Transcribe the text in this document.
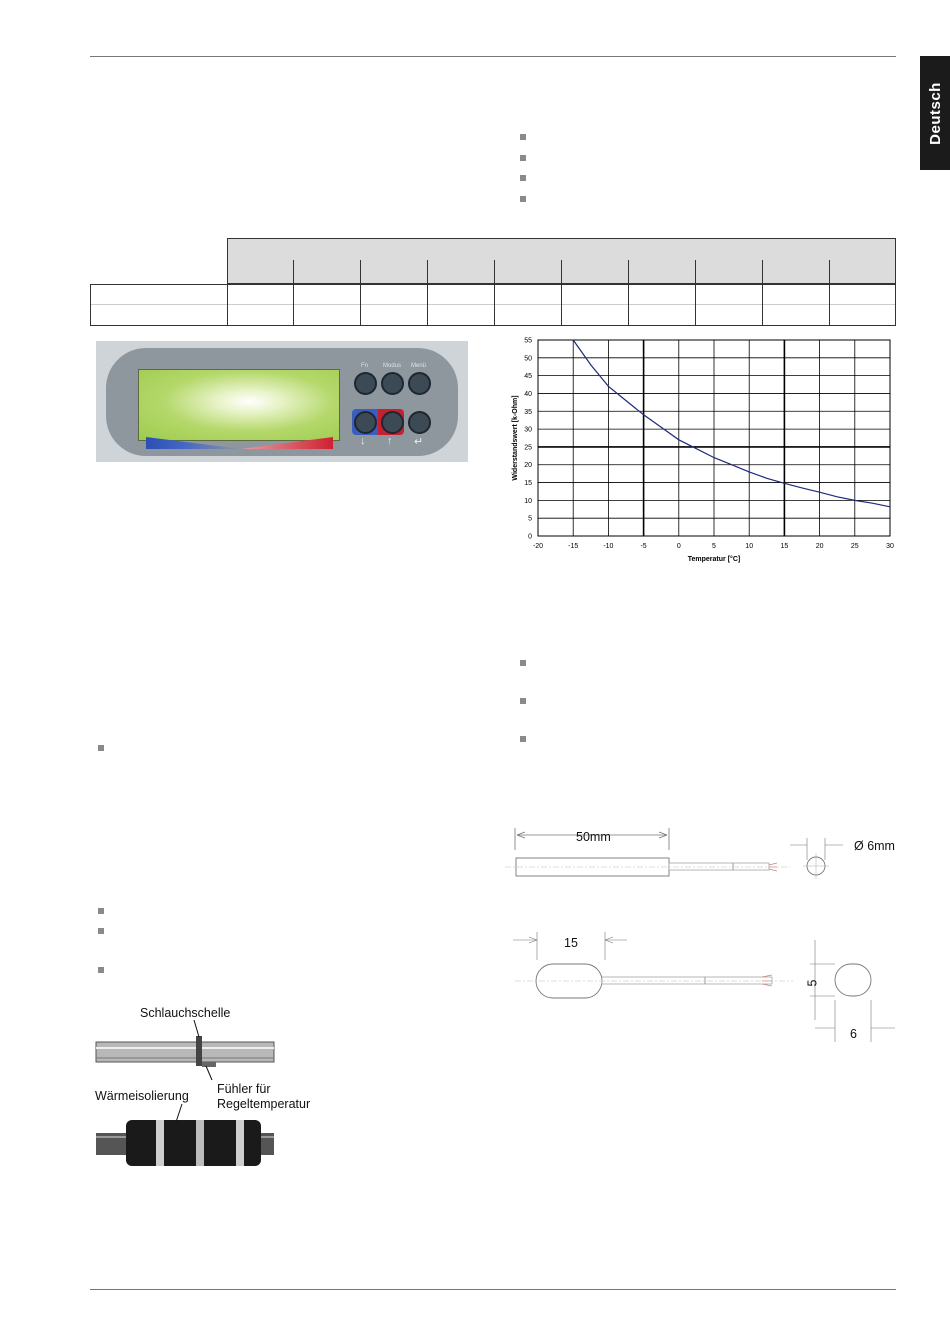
Deutsch
Fn Modus Menü
↓ ↑ ↵
-20	-15	-10	-5	0	5	10	15	20	25	30
0
5
10
15
20
25
30
35
40
45
50
55
Temperatur [°C]
Widerstandswert [k-Ohm]
Schlauchschelle
Fühler für
Regeltemperatur
Wärmeisolierung
50mm
Ø 6mm
15
5
6
